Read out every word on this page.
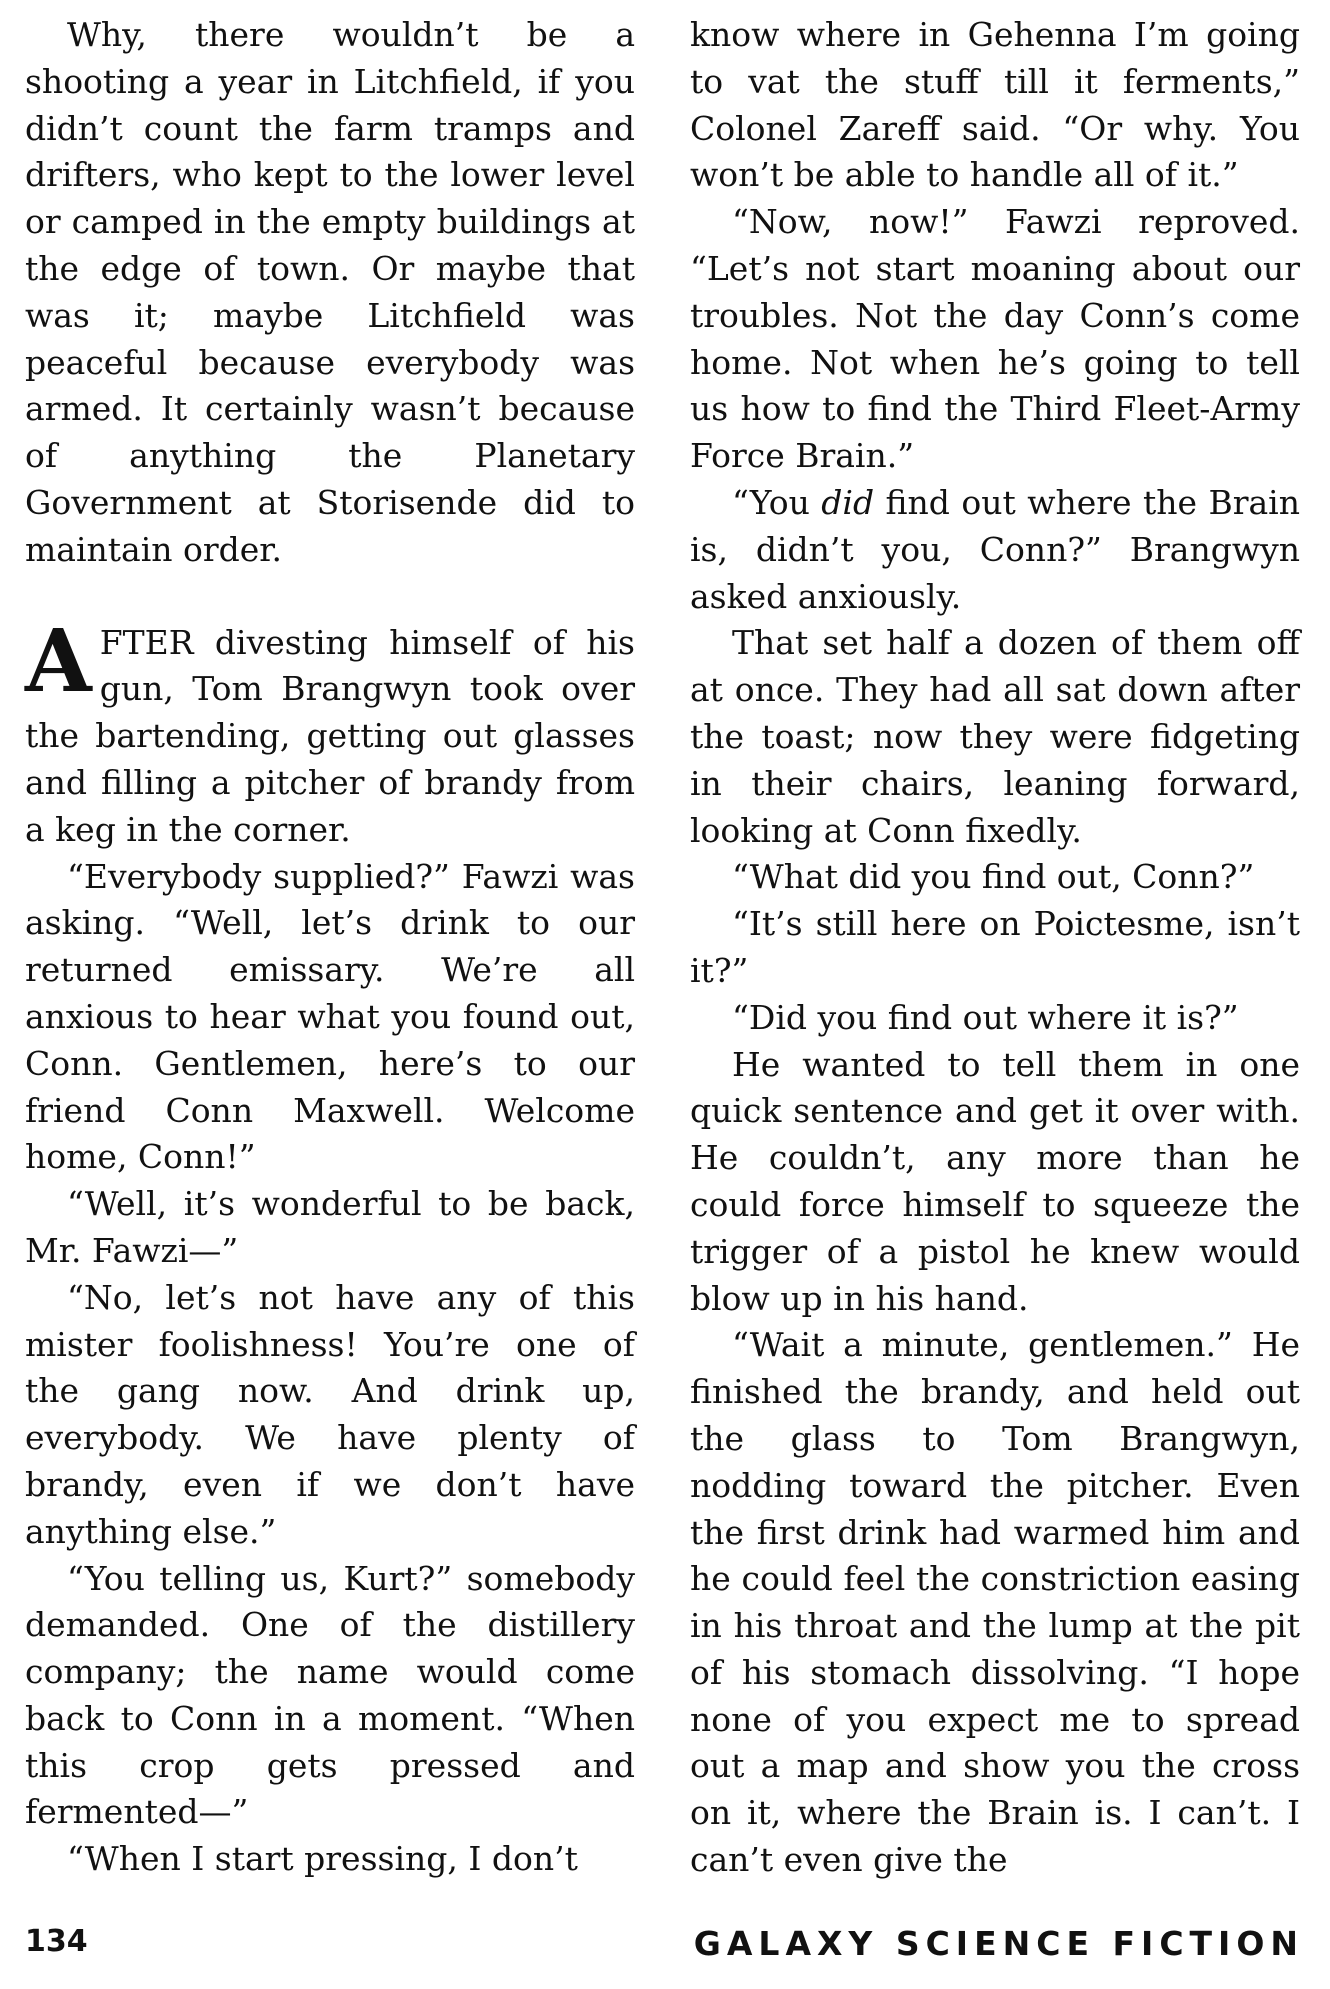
Why, there wouldn’t be a shooting a year in Litchfield, if you didn’t count the farm tramps and drifters, who kept to the lower level or camped in the empty buildings at the edge of town. Or maybe that was it; maybe Litchfield was peaceful because everybody was armed. It certainly wasn’t because of anything the Planetary Government at Storisende did to maintain order.

AFTER divesting himself of his gun, Tom Brangwyn took over the bartending, getting out glasses and filling a pitcher of brandy from a keg in the corner.

“Everybody supplied?” Fawzi was asking. “Well, let’s drink to our returned emissary. We’re all anxious to hear what you found out, Conn. Gentlemen, here’s to our friend Conn Maxwell. Welcome home, Conn!”

“Well, it’s wonderful to be back, Mr. Fawzi—”

“No, let’s not have any of this mister foolishness! You’re one of the gang now. And drink up, everybody. We have plenty of brandy, even if we don’t have anything else.”

“You telling us, Kurt?” somebody demanded. One of the distillery company; the name would come back to Conn in a moment. “When this crop gets pressed and fermented—”

“When I start pressing, I don’t

know where in Gehenna I’m going to vat the stuff till it ferments,” Colonel Zareff said. “Or why. You won’t be able to handle all of it.”

“Now, now!” Fawzi reproved. “Let’s not start moaning about our troubles. Not the day Conn’s come home. Not when he’s going to tell us how to find the Third Fleet-Army Force Brain.”

“You did find out where the Brain is, didn’t you, Conn?” Brangwyn asked anxiously.

That set half a dozen of them off at once. They had all sat down after the toast; now they were fidgeting in their chairs, leaning forward, looking at Conn fixedly.

“What did you find out, Conn?”

“It’s still here on Poictesme, isn’t it?”

“Did you find out where it is?”

He wanted to tell them in one quick sentence and get it over with. He couldn’t, any more than he could force himself to squeeze the trigger of a pistol he knew would blow up in his hand.

“Wait a minute, gentlemen.” He finished the brandy, and held out the glass to Tom Brangwyn, nodding toward the pitcher. Even the first drink had warmed him and he could feel the constriction easing in his throat and the lump at the pit of his stomach dissolving. “I hope none of you expect me to spread out a map and show you the cross on it, where the Brain is. I can’t. I can’t even give the

134	GALAXY SCIENCE FICTION
